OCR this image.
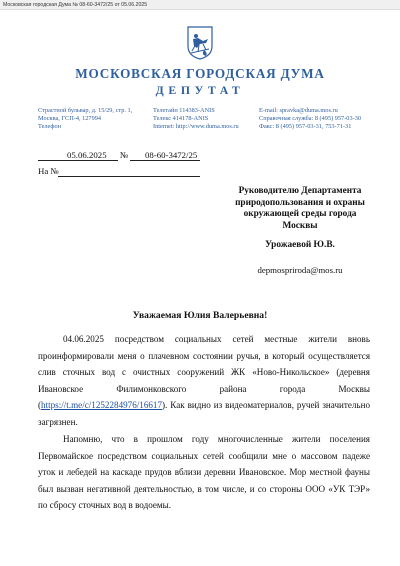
Московская городская Дума № 08-60-3472/25 от 05.06.2025
МОСКОВСКАЯ ГОРОДСКАЯ ДУМА
ДЕПУТАТ
Страстной бульвар, д. 15/29, стр. 1,
Москва, ГСП-4, 127994
Телефон
Телетайп 114383-ANIS
Телекс 414178-ANIS
Internet: http://www.duma.mos.ru
E-mail: spravka@duma.mos.ru
Справочная служба: 8 (495) 957-03-30
Факс: 8 (495) 957-03-31, 753-71-31
05.06.2025 № 08-60-3472/25
На №
Руководителю Департамента
природопользования и охраны
окружающей среды города
Москвы
Урожаевой Ю.В.
depmospriroda@mos.ru
Уважаемая Юлия Валерьевна!

04.06.2025 посредством социальных сетей местные жители вновь проинформировали меня о плачевном состоянии ручья, в который осуществляется слив сточных вод с очистных сооружений ЖК «Ново-Никольское» (деревня Ивановское Филимонковского района города Москвы (https://t.me/c/1252284976/16617). Как видно из видеоматериалов, ручей значительно загрязнен.

Напомню, что в прошлом году многочисленные жители поселения Первомайское посредством социальных сетей сообщили мне о массовом падеже уток и лебедей на каскаде прудов вблизи деревни Ивановское. Мор местной фауны был вызван негативной деятельностью, в том числе, и со стороны ООО «УК ТЭР» по сбросу сточных вод в водоемы.
